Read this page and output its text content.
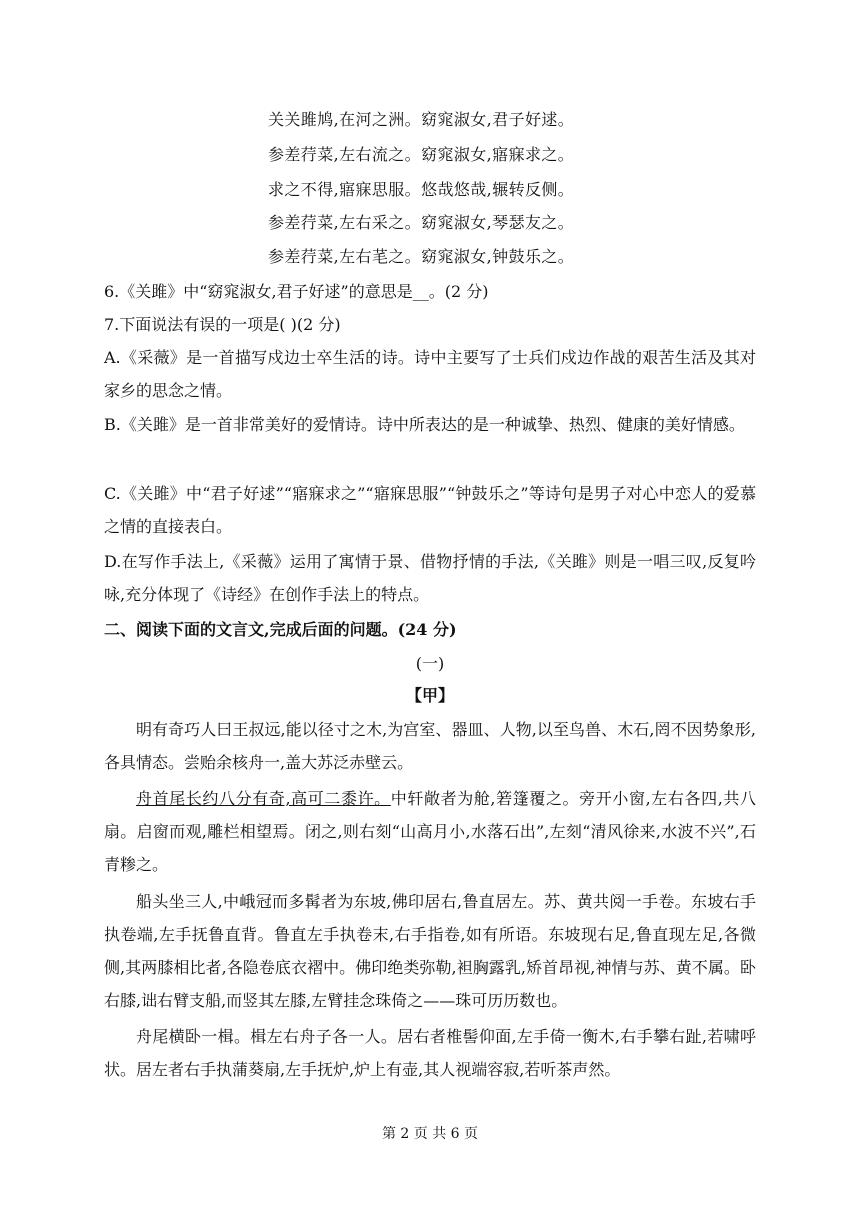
关关雎鸠,在河之洲。窈窕淑女,君子好逑。
参差荇菜,左右流之。窈窕淑女,寤寐求之。
求之不得,寤寐思服。悠哉悠哉,辗转反侧。
参差荇菜,左右采之。窈窕淑女,琴瑟友之。
参差荇菜,左右芼之。窈窕淑女,钟鼓乐之。
6.《关雎》中“窈窕淑女,君子好逑”的意思是__。(2 分)
7.下面说法有误的一项是( )(2 分)
A.《采薇》是一首描写戍边士卒生活的诗。诗中主要写了士兵们戍边作战的艰苦生活及其对家乡的思念之情。
B.《关雎》是一首非常美好的爱情诗。诗中所表达的是一种诚挚、热烈、健康的美好情感。
C.《关雎》中“君子好逑”“寤寐求之”“寤寐思服”“钟鼓乐之”等诗句是男子对心中恋人的爱慕之情的直接表白。
D.在写作手法上,《采薇》运用了寓情于景、借物抒情的手法,《关雎》则是一唱三叹,反复吟咏,充分体现了《诗经》在创作手法上的特点。
二、阅读下面的文言文,完成后面的问题。(24 分)
(一)
【甲】
明有奇巧人曰王叔远,能以径寸之木,为宫室、器皿、人物,以至鸟兽、木石,罔不因势象形,各具情态。尝贻余核舟一,盖大苏泛赤壁云。
舟首尾长约八分有奇,高可二黍许。中轩敞者为舱,箬篷覆之。旁开小窗,左右各四,共八扇。启窗而观,雕栏相望焉。闭之,则右刻“山高月小,水落石出”,左刻“清风徐来,水波不兴”,石青糁之。
船头坐三人,中峨冠而多髯者为东坡,佛印居右,鲁直居左。苏、黄共阅一手卷。东坡右手执卷端,左手抚鲁直背。鲁直左手执卷末,右手指卷,如有所语。东坡现右足,鲁直现左足,各微侧,其两膝相比者,各隐卷底衣褶中。佛印绝类弥勒,袒胸露乳,矫首昂视,神情与苏、黄不属。卧右膝,诎右臂支船,而竖其左膝,左臂挂念珠倚之——珠可历历数也。
舟尾横卧一楫。楫左右舟子各一人。居右者椎髻仰面,左手倚一衡木,右手攀右趾,若啸呼状。居左者右手执蒲葵扇,左手抚炉,炉上有壶,其人视端容寂,若听茶声然。
第 2 页 共 6 页
